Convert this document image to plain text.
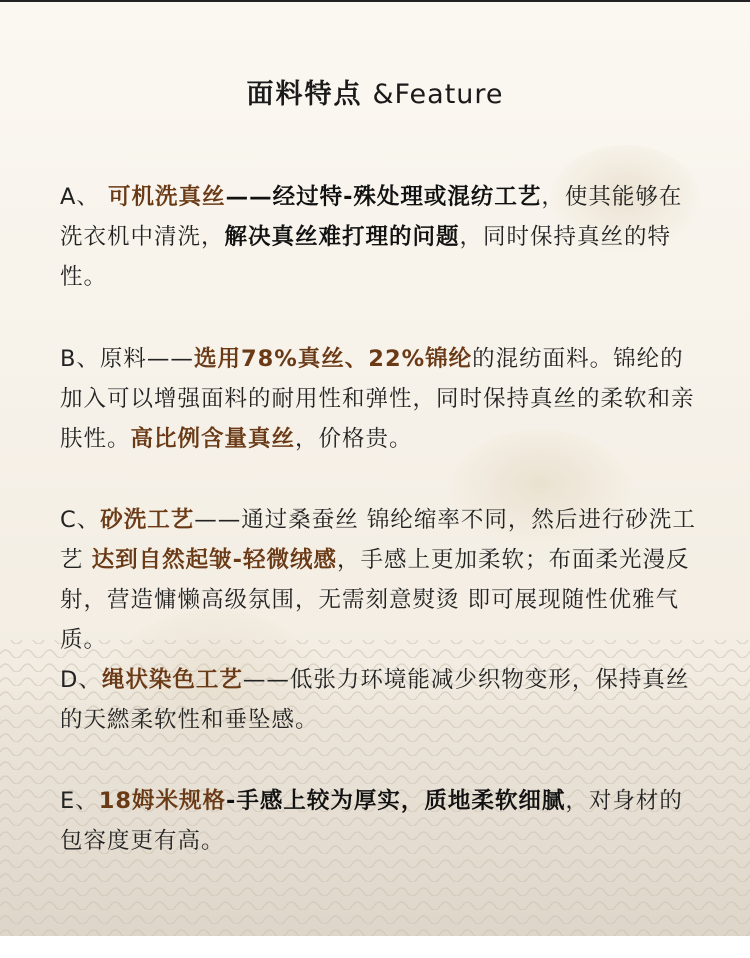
面料特点 &Feature
A、 可机洗真丝——经过特-殊处理或混纺工艺，使其能够在洗衣机中清洗，解决真丝难打理的问题，同时保持真丝的特性。
B、原料——选用78%真丝、22%锦纶的混纺面料。锦纶的加入可以增强面料的耐用性和弹性，同时保持真丝的柔软和亲肤性。高比例含量真丝，价格贵。
C、砂洗工艺——通过桑蚕丝 锦纶缩率不同，然后进行砂洗工艺 达到自然起皱-轻微绒感，手感上更加柔软；布面柔光漫反射，营造慵懒高级氛围，无需刻意熨烫 即可展现随性优雅气质。
D、绳状染色工艺——低张力环境能减少织物变形，保持真丝的天繎柔软性和垂坠感。
E、18姆米规格-手感上较为厚实，质地柔软细腻，对身材的包容度更有高。
